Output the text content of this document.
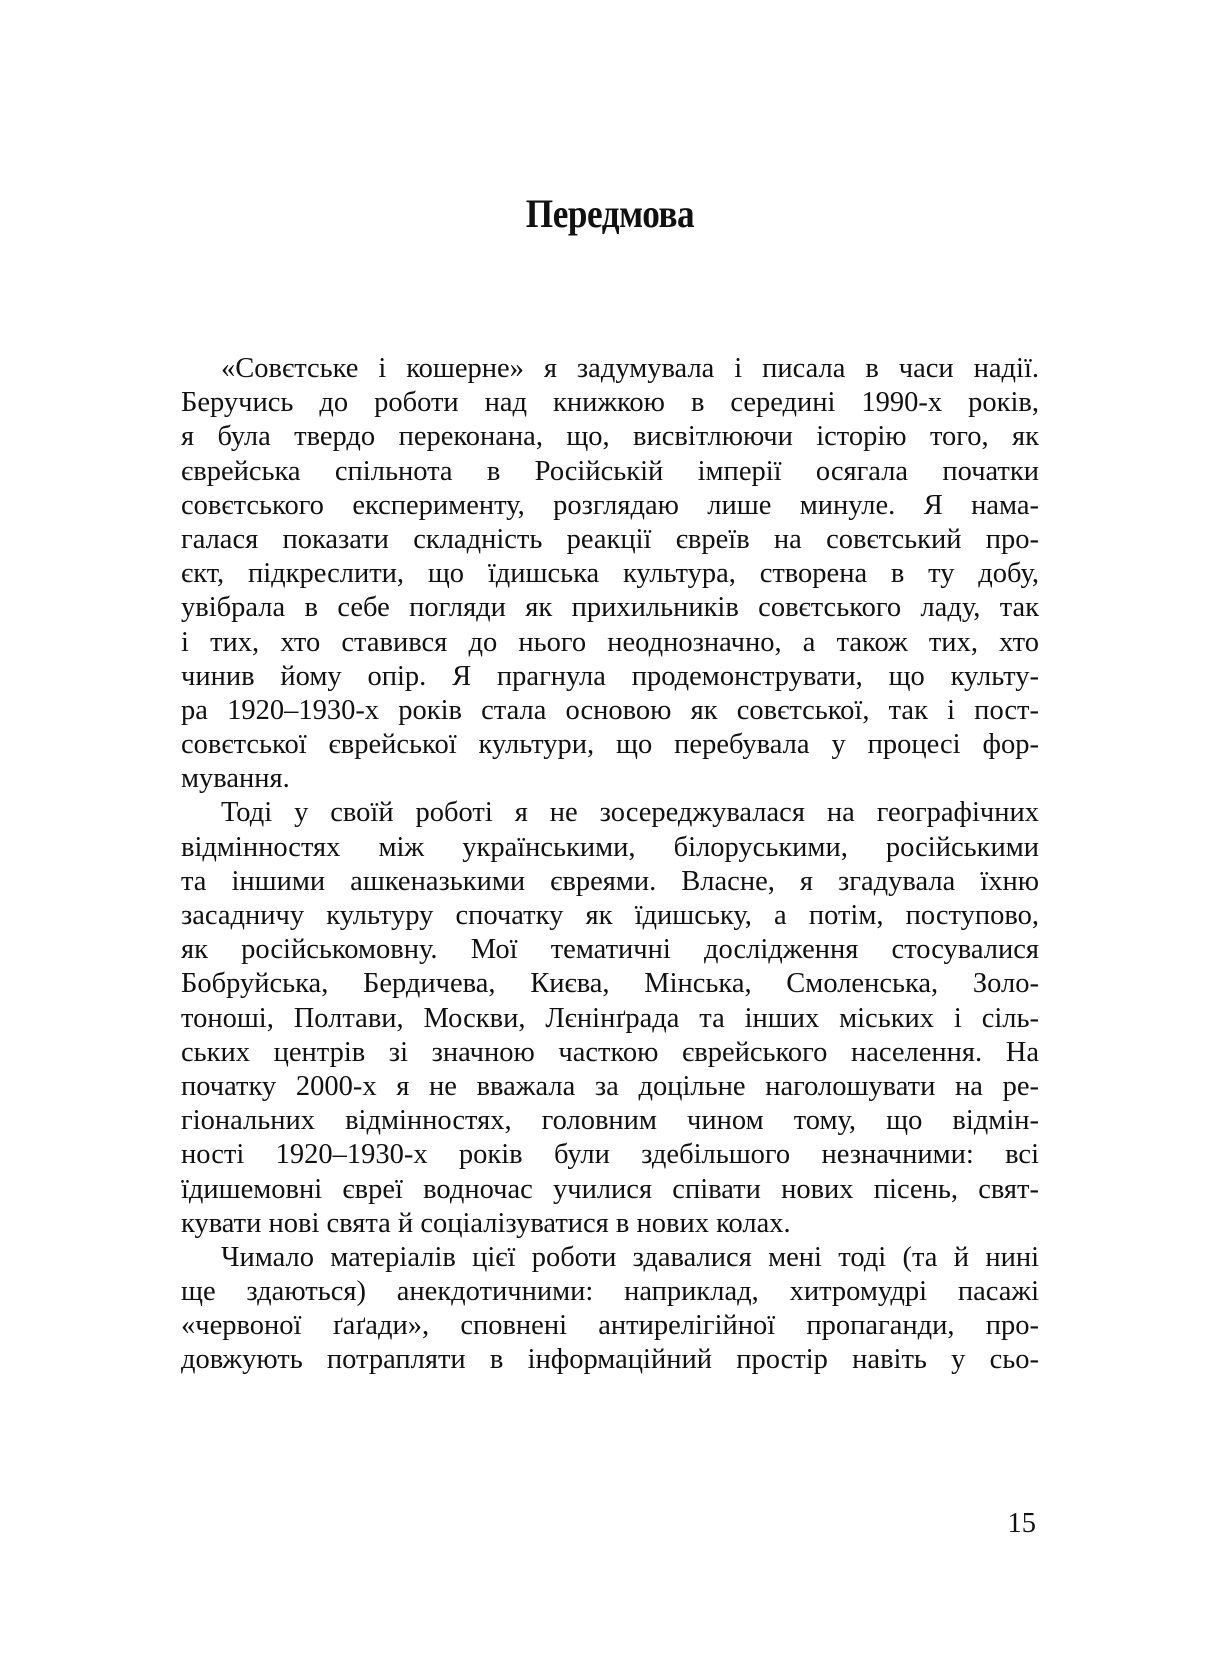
Передмова
«Совєтське і кошерне» я задумувала і писала в часи надії.
Беручись до роботи над книжкою в середині 1990-х років,
я була твердо переконана, що, висвітлюючи історію того, як
єврейська спільнота в Російській імперії осягала початки
совєтського експерименту, розглядаю лише минуле. Я нама-
галася показати складність реакції євреїв на совєтський про-
єкт, підкреслити, що їдишська культура, створена в ту добу,
увібрала в себе погляди як прихильників совєтського ладу, так
і тих, хто ставився до нього неоднозначно, а також тих, хто
чинив йому опір. Я прагнула продемонструвати, що культу-
ра 1920–1930-х років стала основою як совєтської, так і пост-
совєтської єврейської культури, що перебувала у процесі фор-
мування.
Тоді у своїй роботі я не зосереджувалася на географічних
відмінностях між українськими, білоруськими, російськими
та іншими ашкеназькими євреями. Власне, я згадувала їхню
засадничу культуру спочатку як їдишську, а потім, поступово,
як російськомовну. Мої тематичні дослідження стосувалися
Бобруйська, Бердичева, Києва, Мінська, Смоленська, Золо-
тоноші, Полтави, Москви, Лєнінґрада та інших міських і сіль-
ських центрів зі значною часткою єврейського населення. На
початку 2000-х я не вважала за доцільне наголошувати на ре-
гіональних відмінностях, головним чином тому, що відмін-
ності 1920–1930-х років були здебільшого незначними: всі
їдишемовні євреї водночас училися співати нових пісень, свят-
кувати нові свята й соціалізуватися в нових колах.
Чимало матеріалів цієї роботи здавалися мені тоді (та й нині
ще здаються) анекдотичними: наприклад, хитромудрі пасажі
«червоної ґаґади», сповнені антирелігійної пропаганди, про-
довжують потрапляти в інформаційний простір навіть у сьо-

15
